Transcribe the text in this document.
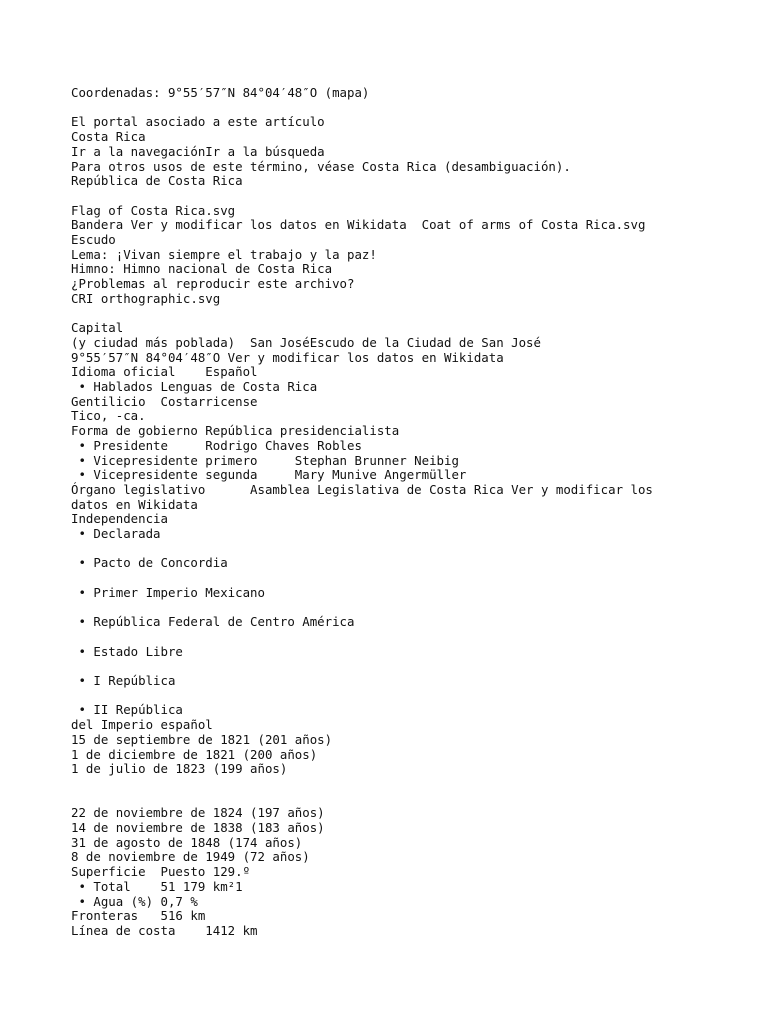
Coordenadas: 9°55′57″N 84°04′48″O (mapa)
El portal asociado a este artículo
Costa Rica
Ir a la navegaciónIr a la búsqueda
Para otros usos de este término, véase Costa Rica (desambiguación).
República de Costa Rica
Flag of Costa Rica.svg
Bandera Ver y modificar los datos en Wikidata  Coat of arms of Costa Rica.svg
Escudo
Lema: ¡Vivan siempre el trabajo y la paz!
Himno: Himno nacional de Costa Rica
¿Problemas al reproducir este archivo?
CRI orthographic.svg
Capital
(y ciudad más poblada)  San JoséEscudo de la Ciudad de San José
9°55′57″N 84°04′48″O Ver y modificar los datos en Wikidata
Idioma oficial    Español
• Hablados Lenguas de Costa Rica
Gentilicio  Costarricense
Tico, -ca.
Forma de gobierno República presidencialista
• Presidente     Rodrigo Chaves Robles
• Vicepresidente primero     Stephan Brunner Neibig
• Vicepresidente segunda     Mary Munive Angermüller
Órgano legislativo      Asamblea Legislativa de Costa Rica Ver y modificar los
datos en Wikidata
Independencia
• Declarada
• Pacto de Concordia
• Primer Imperio Mexicano
• República Federal de Centro América
• Estado Libre
• I República
• II República
del Imperio español
15 de septiembre de 1821 (201 años)
1 de diciembre de 1821 (200 años)
1 de julio de 1823 (199 años)
22 de noviembre de 1824 (197 años)
14 de noviembre de 1838 (183 años)
31 de agosto de 1848 (174 años)
8 de noviembre de 1949 (72 años)
Superficie  Puesto 129.º
• Total    51 179 km²1
• Agua (%) 0,7 %
Fronteras   516 km
Línea de costa    1412 km
